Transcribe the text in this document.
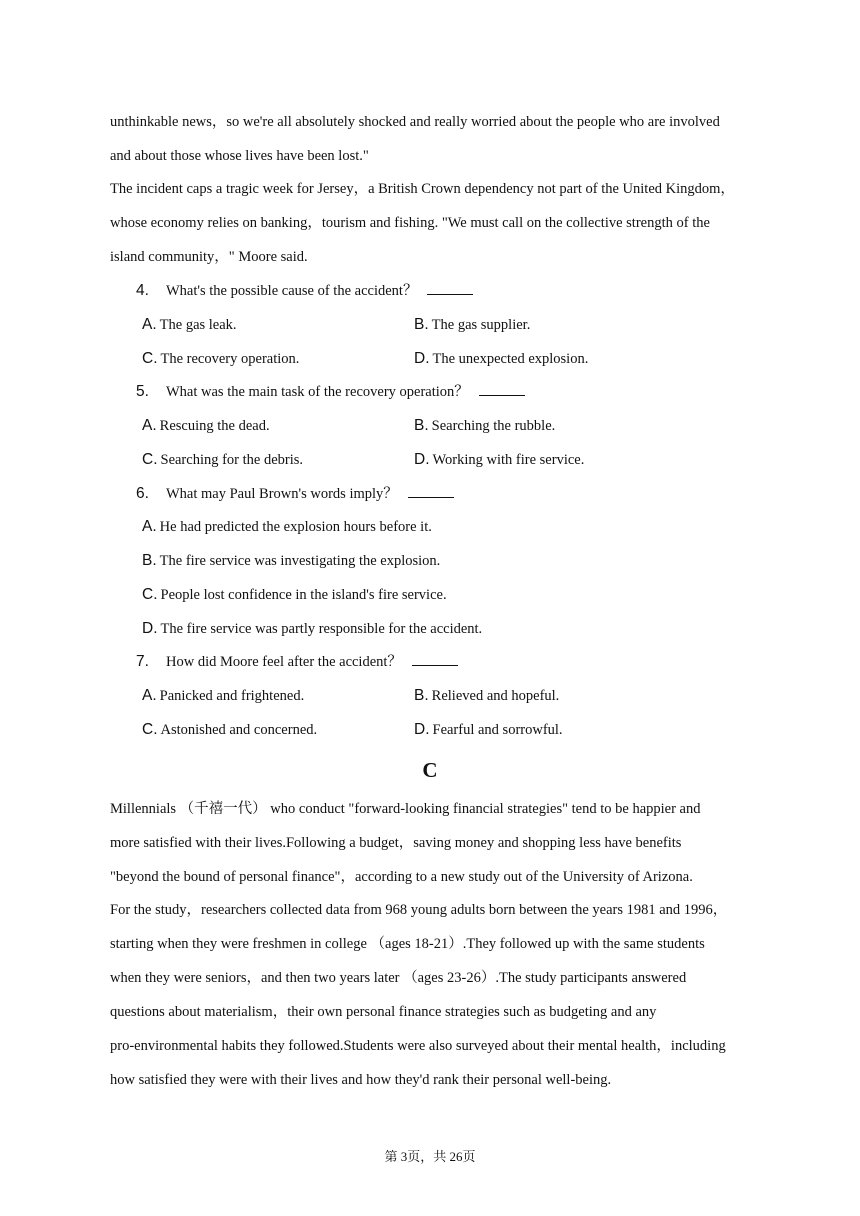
unthinkable news，so we're all absolutely shocked and really worried about the people who are involved
and about those whose lives have been lost."
The incident caps a tragic week for Jersey，a British Crown dependency not part of the United Kingdom，
whose economy relies on banking，tourism and fishing. "We must call on the collective strength of the
island community，" Moore said.
4. What's the possible cause of the accident？
A. The gas leak.	B. The gas supplier.
C. The recovery operation.	D. The unexpected explosion.
5. What was the main task of the recovery operation？
A. Rescuing the dead.	B. Searching the rubble.
C. Searching for the debris.	D. Working with fire service.
6. What may Paul Brown's words imply？
A. He had predicted the explosion hours before it.
B. The fire service was investigating the explosion.
C. People lost confidence in the island's fire service.
D. The fire service was partly responsible for the accident.
7. How did Moore feel after the accident？
A. Panicked and frightened.	B. Relieved and hopeful.
C. Astonished and concerned.	D. Fearful and sorrowful.
C
Millennials （千禧一代） who conduct "forward-looking financial strategies" tend to be happier and
more satisfied with their lives.Following a budget，saving money and shopping less have benefits
"beyond the bound of personal finance"，according to a new study out of the University of Arizona.
For the study，researchers collected data from 968 young adults born between the years 1981 and 1996，
starting when they were freshmen in college （ages 18-21）.They followed up with the same students
when they were seniors，and then two years later （ages 23-26）.The study participants answered
questions about materialism，their own personal finance strategies such as budgeting and any
pro-environmental habits they followed.Students were also surveyed about their mental health，including
how satisfied they were with their lives and how they'd rank their personal well-being.
第 3页，共 26页
